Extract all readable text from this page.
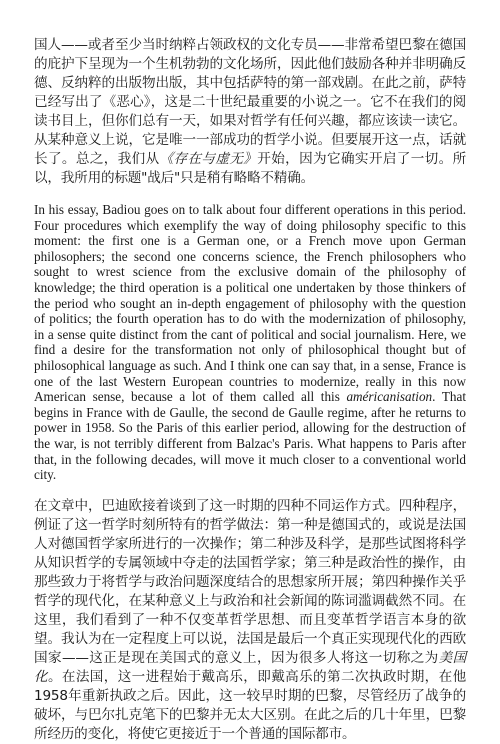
国人——或者至少当时纳粹占领政权的文化专员——非常希望巴黎在德国的庇护下呈现为一个生机勃勃的文化场所，因此他们鼓励各种并非明确反德、反纳粹的出版物出版，其中包括萨特的第一部戏剧。在此之前，萨特已经写出了《恶心》，这是二十世纪最重要的小说之一。它不在我们的阅读书目上，但你们总有一天，如果对哲学有任何兴趣，都应该读一读它。从某种意义上说，它是唯一一部成功的哲学小说。但要展开这一点，话就长了。总之，我们从《存在与虚无》开始，因为它确实开启了一切。所以，我所用的标题"战后"只是稍有略略不精确。

In his essay, Badiou goes on to talk about four different operations in this period. Four procedures which exemplify the way of doing philosophy specific to this moment: the first one is a German one, or a French move upon German philosophers; the second one concerns science, the French philosophers who sought to wrest science from the exclusive domain of the philosophy of knowledge; the third operation is a political one undertaken by those thinkers of the period who sought an in-depth engagement of philosophy with the question of politics; the fourth operation has to do with the modernization of philosophy, in a sense quite distinct from the cant of political and social journalism. Here, we find a desire for the transformation not only of philosophical thought but of philosophical language as such. And I think one can say that, in a sense, France is one of the last Western European countries to modernize, really in this now American sense, because a lot of them called all this américanisation. That begins in France with de Gaulle, the second de Gaulle regime, after he returns to power in 1958. So the Paris of this earlier period, allowing for the destruction of the war, is not terribly different from Balzac's Paris. What happens to Paris after that, in the following decades, will move it much closer to a conventional world city.

在文章中，巴迪欧接着谈到了这一时期的四种不同运作方式。四种程序，例证了这一哲学时刻所特有的哲学做法：第一种是德国式的，或说是法国人对德国哲学家所进行的一次操作；第二种涉及科学，是那些试图将科学从知识哲学的专属领域中夺走的法国哲学家；第三种是政治性的操作，由那些致力于将哲学与政治问题深度结合的思想家所开展；第四种操作关乎哲学的现代化，在某种意义上与政治和社会新闻的陈词滥调截然不同。在这里，我们看到了一种不仅变革哲学思想、而且变革哲学语言本身的欲望。我认为在一定程度上可以说，法国是最后一个真正实现现代化的西欧国家——这正是现在美国式的意义上，因为很多人将这一切称之为美国化。在法国，这一进程始于戴高乐，即戴高乐的第二次执政时期，在他1958年重新执政之后。因此，这一较早时期的巴黎，尽管经历了战争的破坏，与巴尔扎克笔下的巴黎并无太大区别。在此之后的几十年里，巴黎所经历的变化，将使它更接近于一个普通的国际都市。
